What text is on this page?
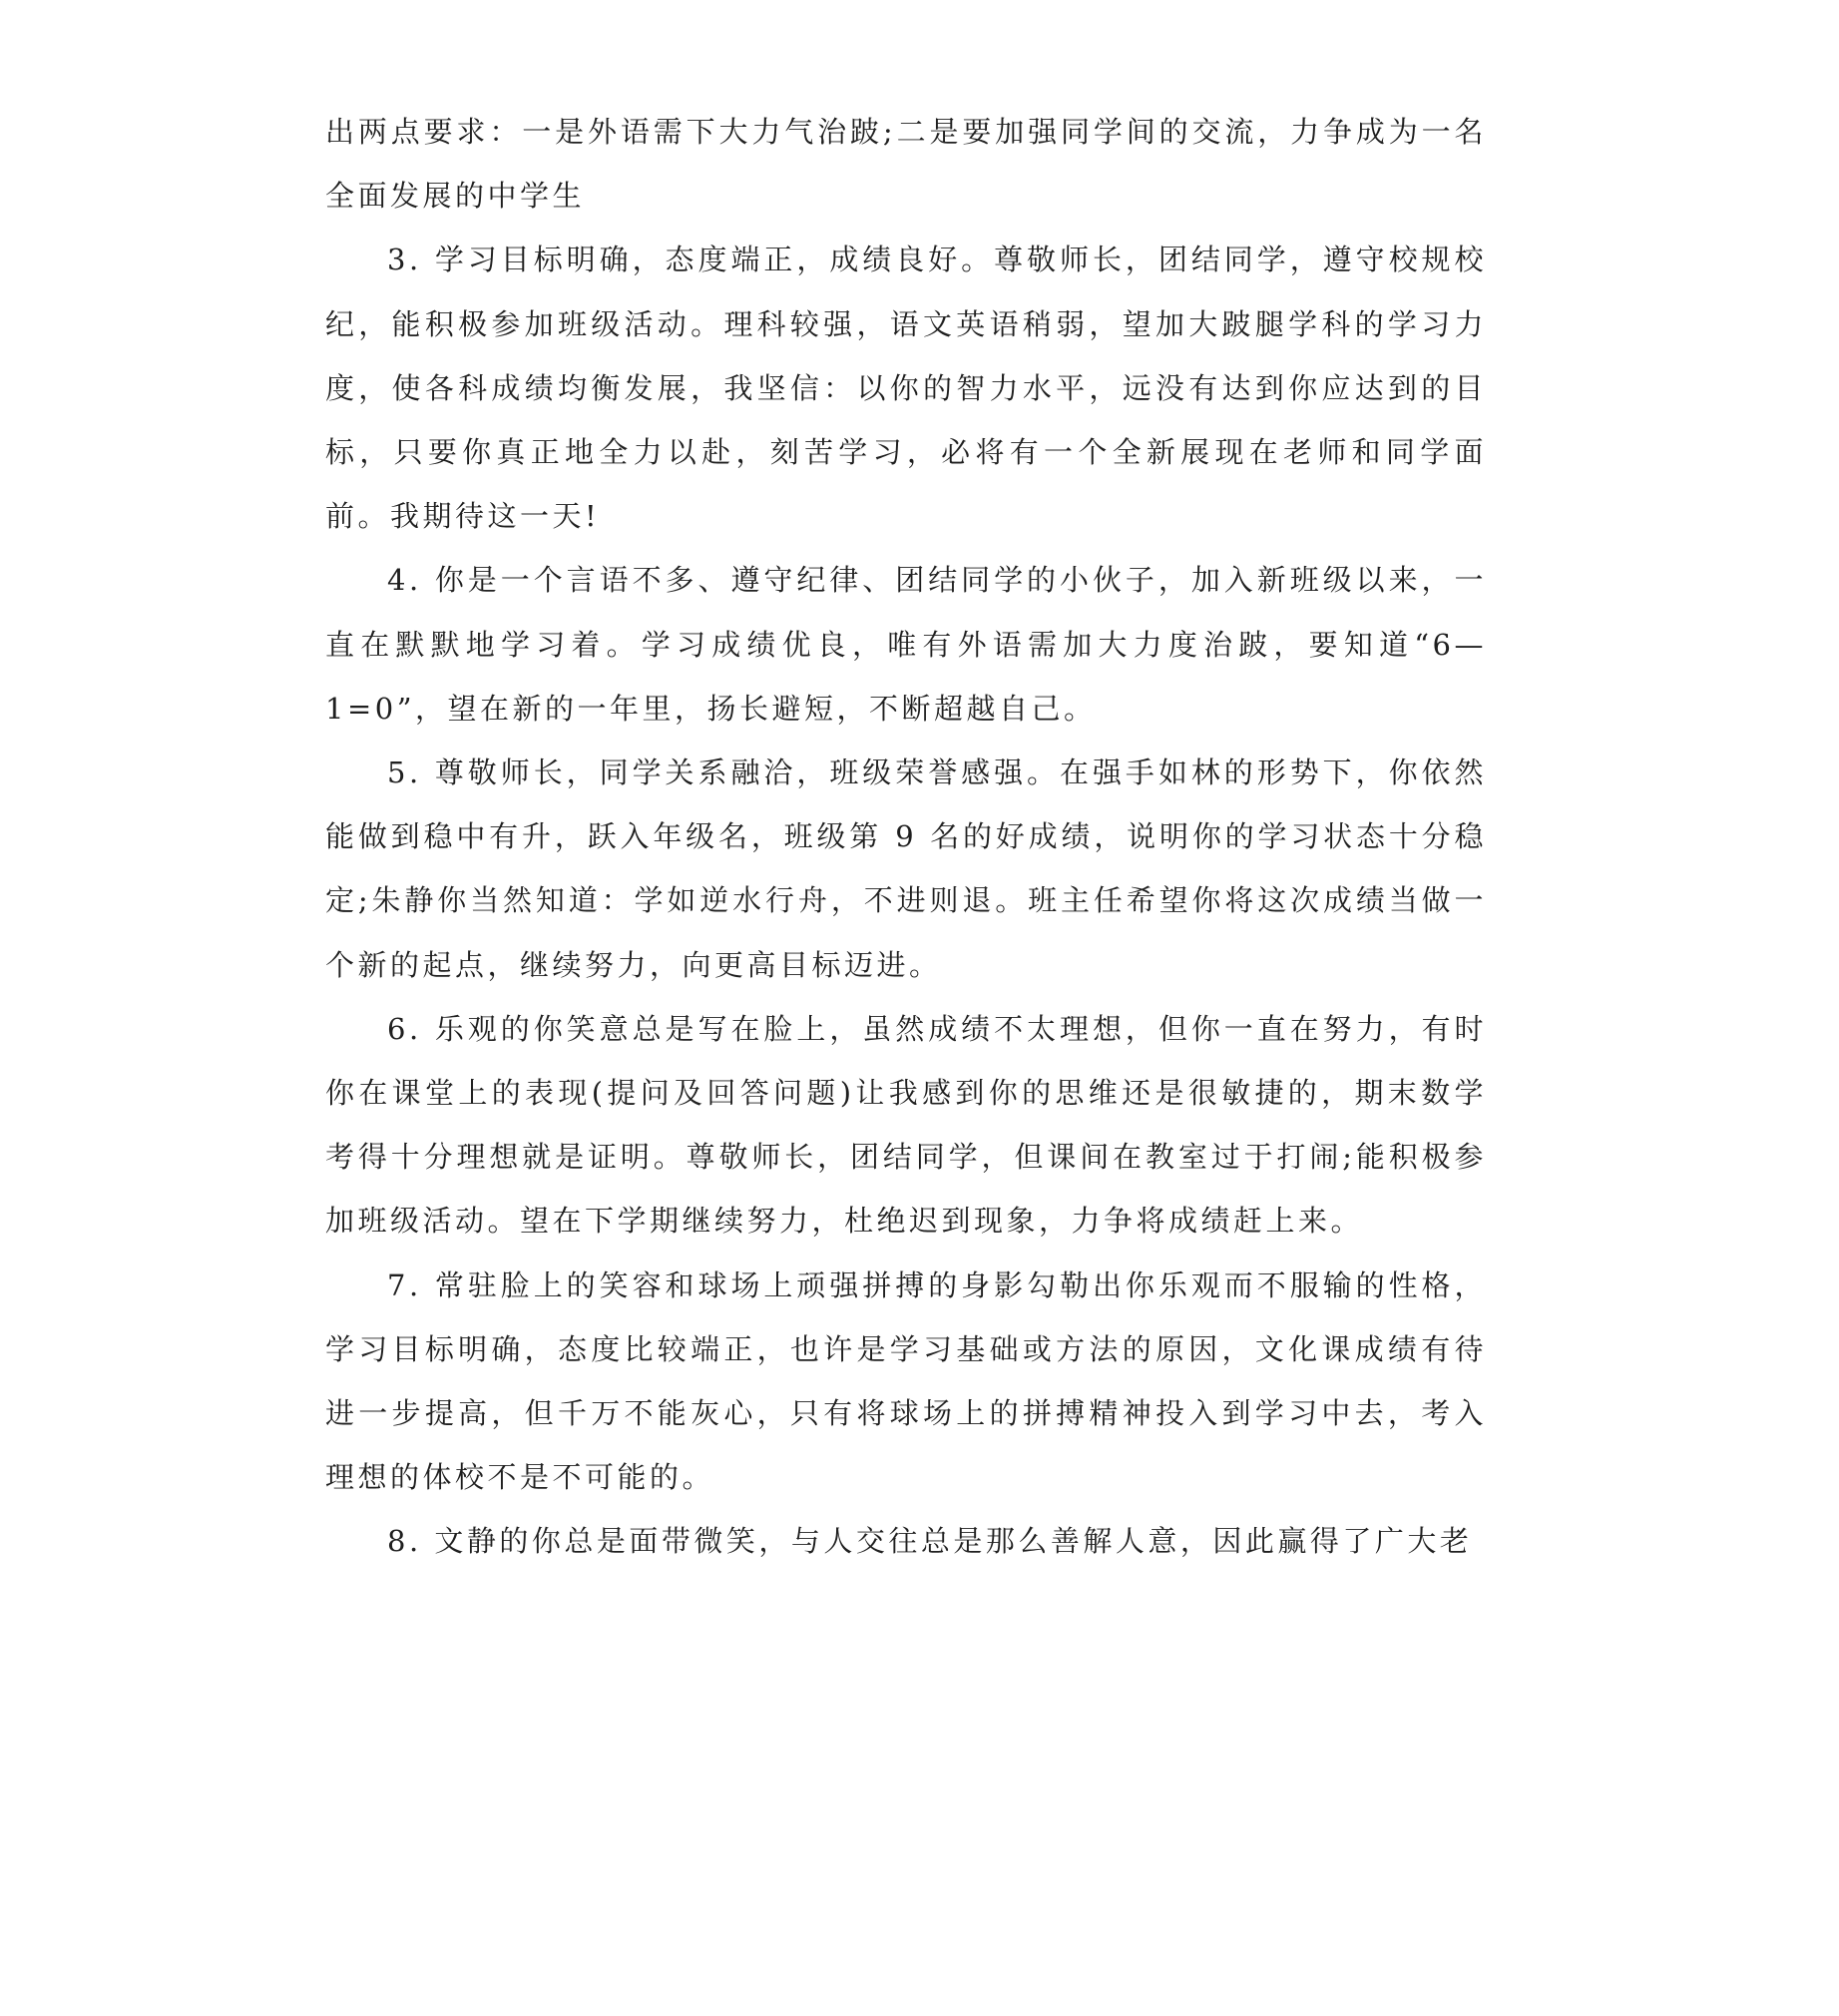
出两点要求：一是外语需下大力气治跛;二是要加强同学间的交流，力争成为一名全面发展的中学生

3. 学习目标明确，态度端正，成绩良好。尊敬师长，团结同学，遵守校规校纪，能积极参加班级活动。理科较强，语文英语稍弱，望加大跛腿学科的学习力度，使各科成绩均衡发展，我坚信：以你的智力水平，远没有达到你应达到的目标，只要你真正地全力以赴，刻苦学习，必将有一个全新展现在老师和同学面前。我期待这一天!

4. 你是一个言语不多、遵守纪律、团结同学的小伙子，加入新班级以来，一直在默默地学习着。学习成绩优良，唯有外语需加大力度治跛，要知道“6—1=0”，望在新的一年里，扬长避短，不断超越自己。

5. 尊敬师长，同学关系融洽，班级荣誉感强。在强手如林的形势下，你依然能做到稳中有升，跃入年级名，班级第 9 名的好成绩，说明你的学习状态十分稳定;朱静你当然知道：学如逆水行舟，不进则退。班主任希望你将这次成绩当做一个新的起点，继续努力，向更高目标迈进。

6. 乐观的你笑意总是写在脸上，虽然成绩不太理想，但你一直在努力，有时你在课堂上的表现(提问及回答问题)让我感到你的思维还是很敏捷的，期末数学考得十分理想就是证明。尊敬师长，团结同学，但课间在教室过于打闹;能积极参加班级活动。望在下学期继续努力，杜绝迟到现象，力争将成绩赶上来。

7. 常驻脸上的笑容和球场上顽强拼搏的身影勾勒出你乐观而不服输的性格，学习目标明确，态度比较端正，也许是学习基础或方法的原因，文化课成绩有待进一步提高，但千万不能灰心，只有将球场上的拼搏精神投入到学习中去，考入理想的体校不是不可能的。

8. 文静的你总是面带微笑，与人交往总是那么善解人意，因此赢得了广大老
